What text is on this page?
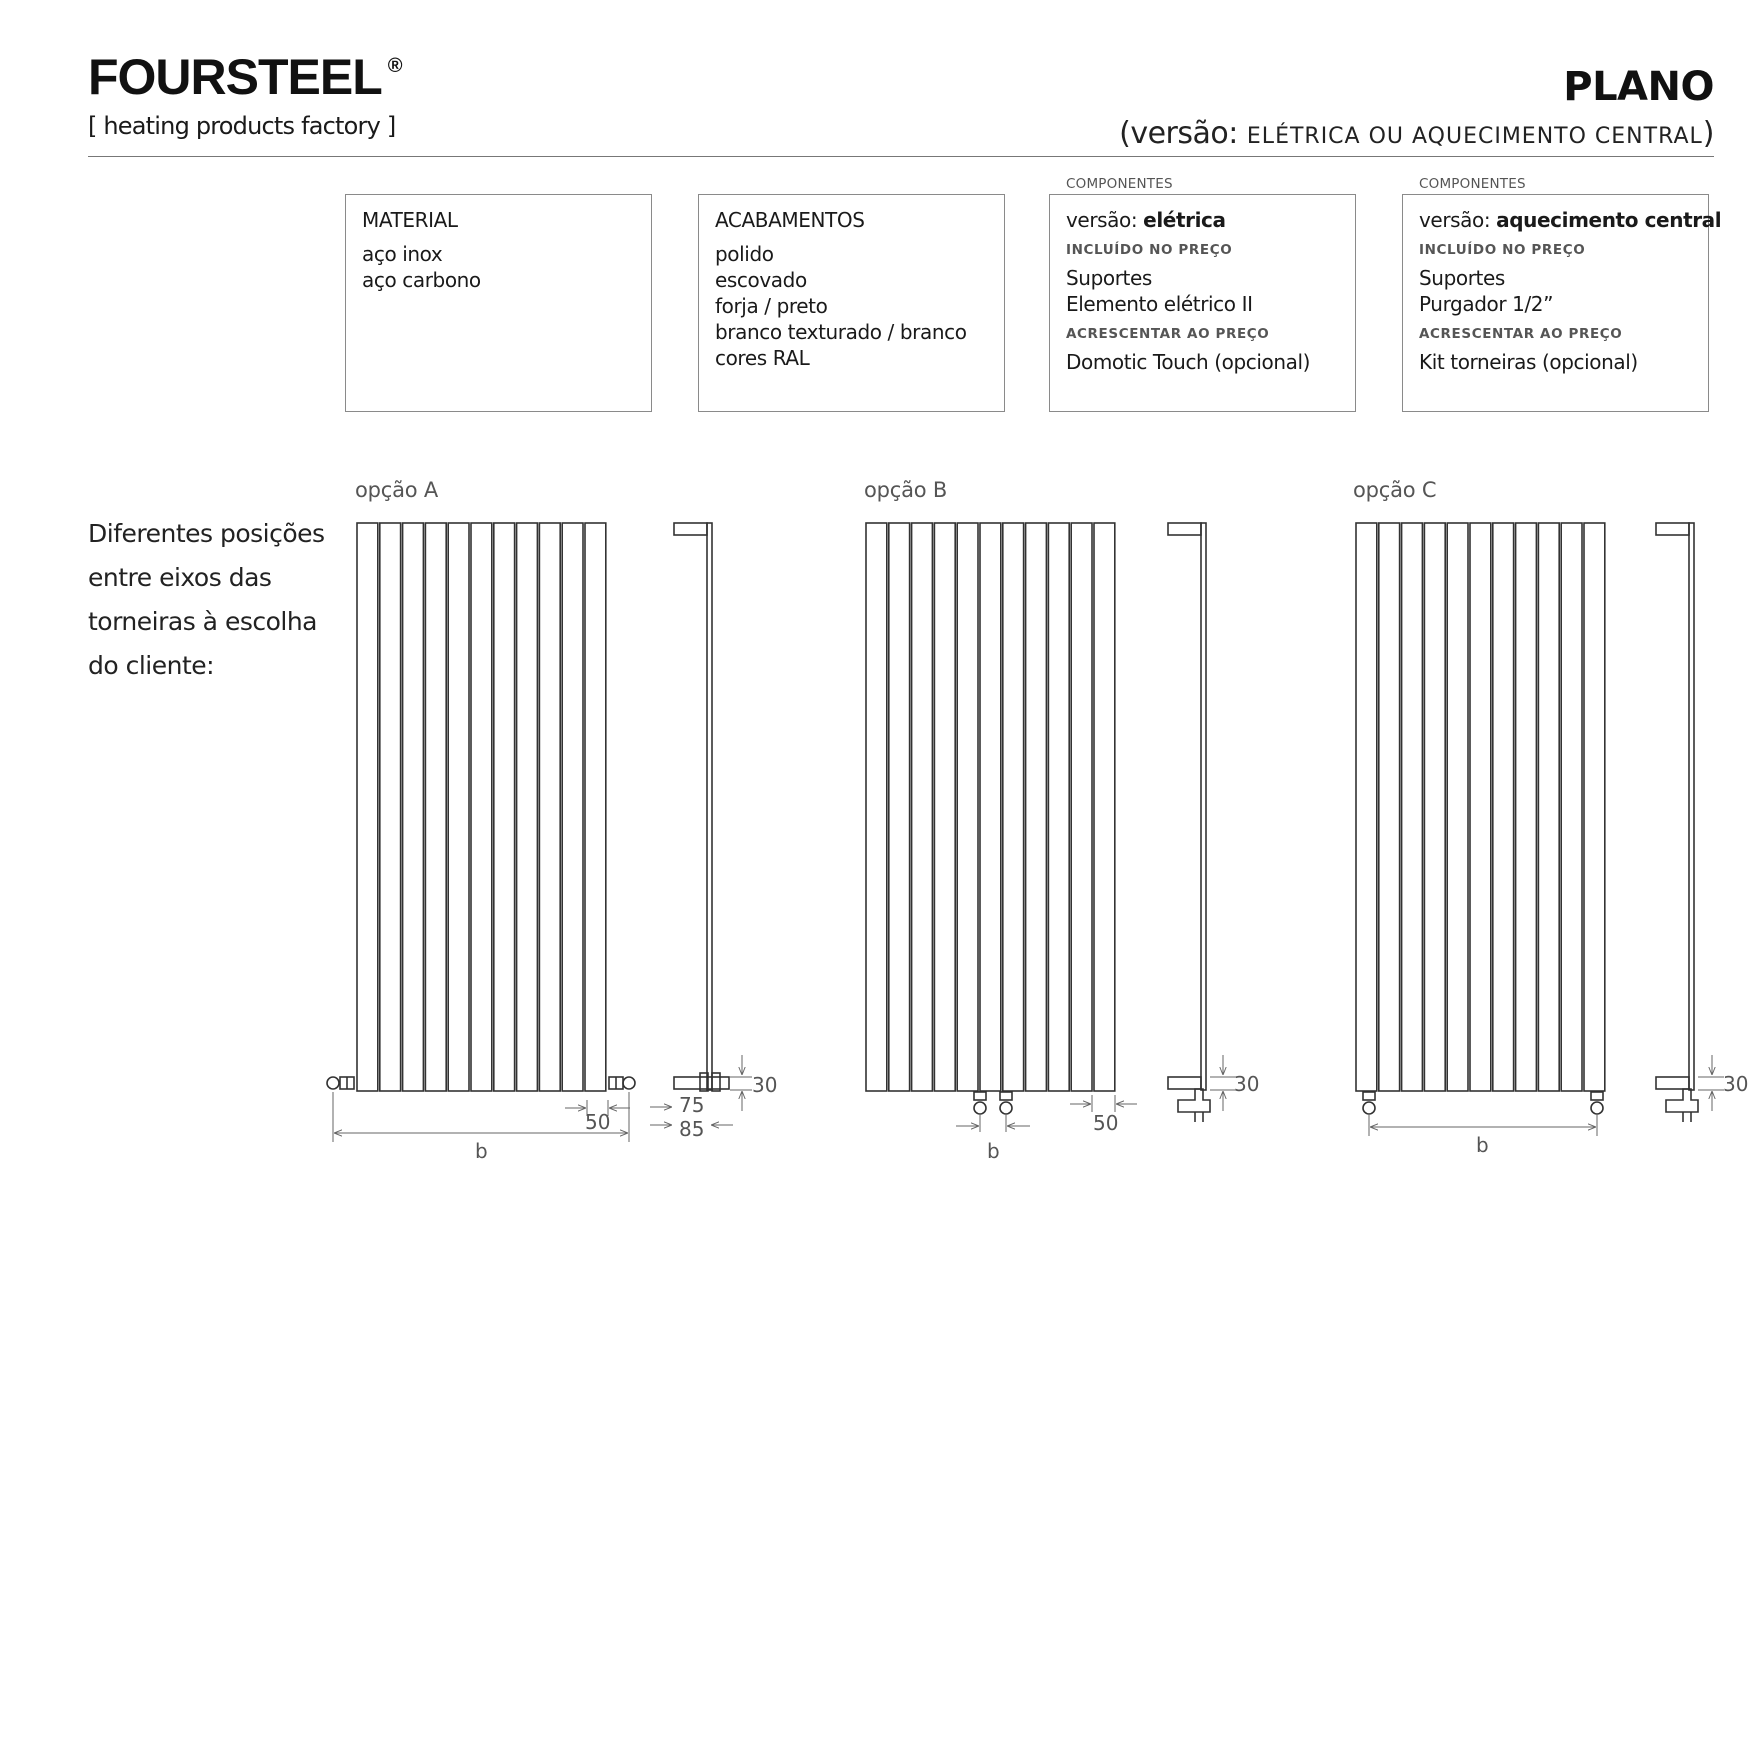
FOURSTEEL ®
[ heating products factory ]
PLANO
(versão: ELÉTRICA OU AQUECIMENTO CENTRAL)
MATERIAL
aço inox
aço carbono
ACABAMENTOS
polido
escovado
forja / preto
branco texturado / branco
cores RAL
COMPONENTES
versão: elétrica
INCLUÍDO NO PREÇO
Suportes
Elemento elétrico II
ACRESCENTAR AO PREÇO
Domotic Touch (opcional)
COMPONENTES
versão: aquecimento central
INCLUÍDO NO PREÇO
Suportes
Purgador 1/2”
ACRESCENTAR AO PREÇO
Kit torneiras (opcional)
Diferentes posições
entre eixos das
torneiras à escolha
do cliente:
opção A	opção B	opção C
50
b
30
75
85	50
b
30
b
30
